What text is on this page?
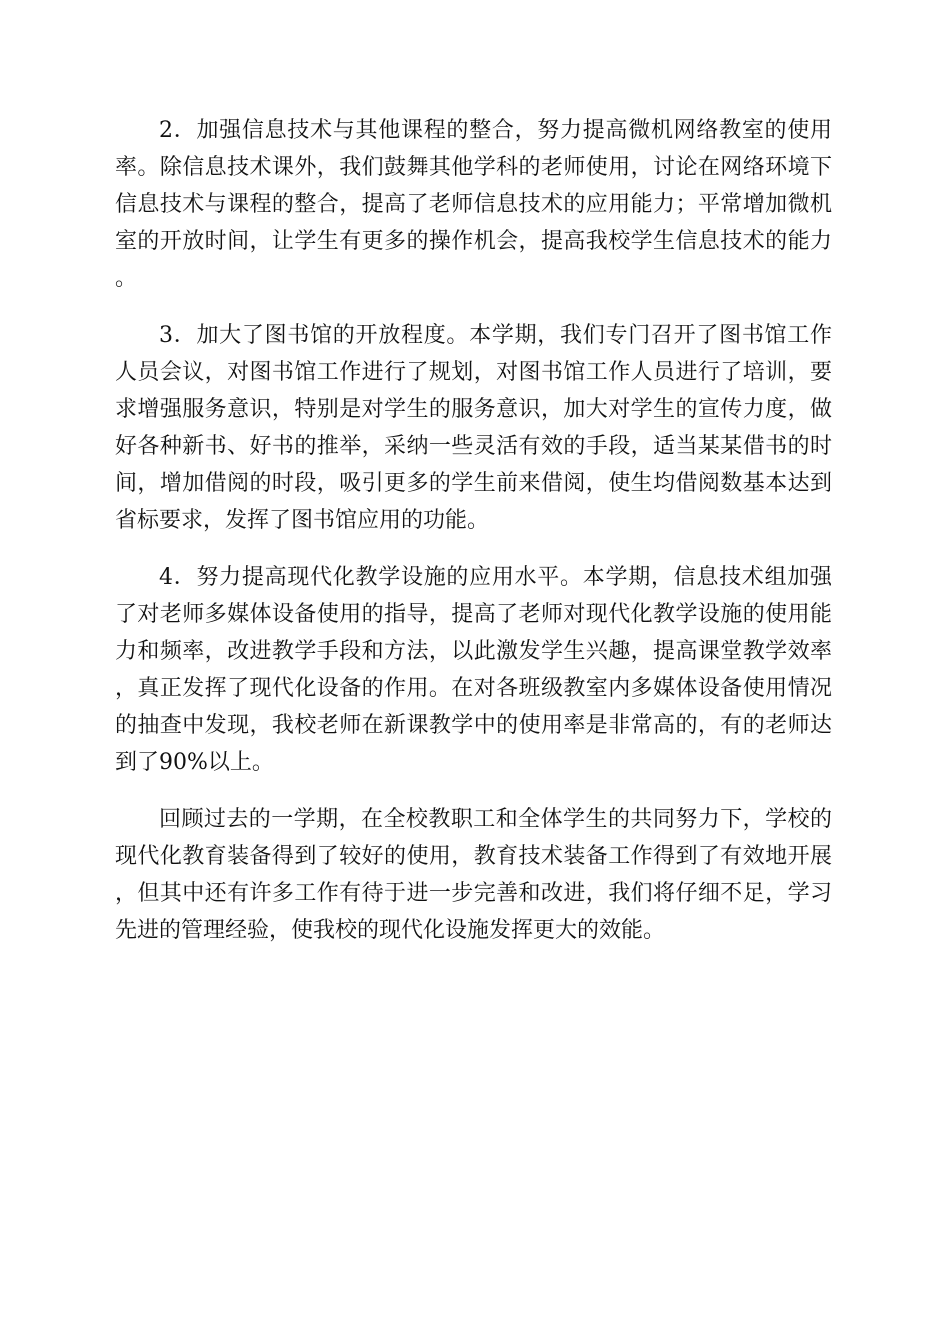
2．加强信息技术与其他课程的整合，努力提高微机网络教室的使用率。除信息技术课外，我们鼓舞其他学科的老师使用，讨论在网络环境下信息技术与课程的整合，提高了老师信息技术的应用能力；平常增加微机室的开放时间，让学生有更多的操作机会，提高我校学生信息技术的能力。

3．加大了图书馆的开放程度。本学期，我们专门召开了图书馆工作人员会议，对图书馆工作进行了规划，对图书馆工作人员进行了培训，要求增强服务意识，特别是对学生的服务意识，加大对学生的宣传力度，做好各种新书、好书的推举，采纳一些灵活有效的手段，适当某某借书的时间，增加借阅的时段，吸引更多的学生前来借阅，使生均借阅数基本达到省标要求，发挥了图书馆应用的功能。

4．努力提高现代化教学设施的应用水平。本学期，信息技术组加强了对老师多媒体设备使用的指导，提高了老师对现代化教学设施的使用能力和频率，改进教学手段和方法，以此激发学生兴趣，提高课堂教学效率，真正发挥了现代化设备的作用。在对各班级教室内多媒体设备使用情况的抽查中发现，我校老师在新课教学中的使用率是非常高的，有的老师达到了90%以上。

回顾过去的一学期，在全校教职工和全体学生的共同努力下，学校的现代化教育装备得到了较好的使用，教育技术装备工作得到了有效地开展，但其中还有许多工作有待于进一步完善和改进，我们将仔细不足，学习先进的管理经验，使我校的现代化设施发挥更大的效能。
